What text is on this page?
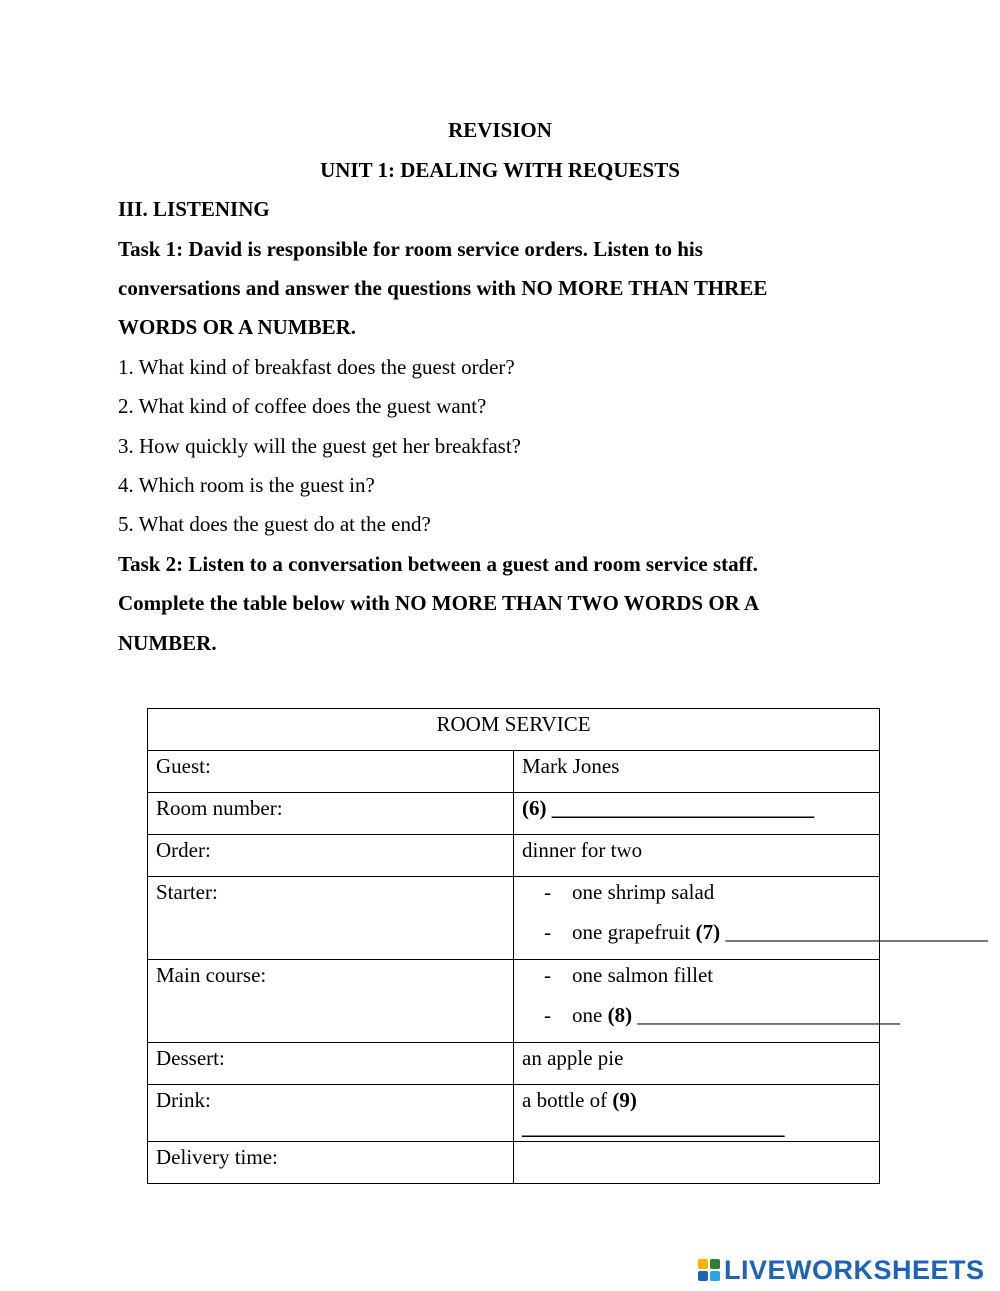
REVISION
UNIT 1: DEALING WITH REQUESTS
III. LISTENING
Task 1: David is responsible for room service orders. Listen to his
conversations and answer the questions with NO MORE THAN THREE
WORDS OR A NUMBER.
1. What kind of breakfast does the guest order?
2. What kind of coffee does the guest want?
3. How quickly will the guest get her breakfast?
4. Which room is the guest in?
5. What does the guest do at the end?
Task 2: Listen to a conversation between a guest and room service staff.
Complete the table below with NO MORE THAN TWO WORDS OR A
NUMBER.
ROOM SERVICE	
Guest:	Mark Jones
Room number:	(6) _________________________
Order:	dinner for two
Starter:	- one shrimp salad
- one grapefruit (7) _________________________

Main course:	- one salmon fillet
- one (8) _________________________

Dessert:	an apple pie
Drink:	a bottle of (9) _________________________
Delivery time:	
LIVEWORKSHEETS
